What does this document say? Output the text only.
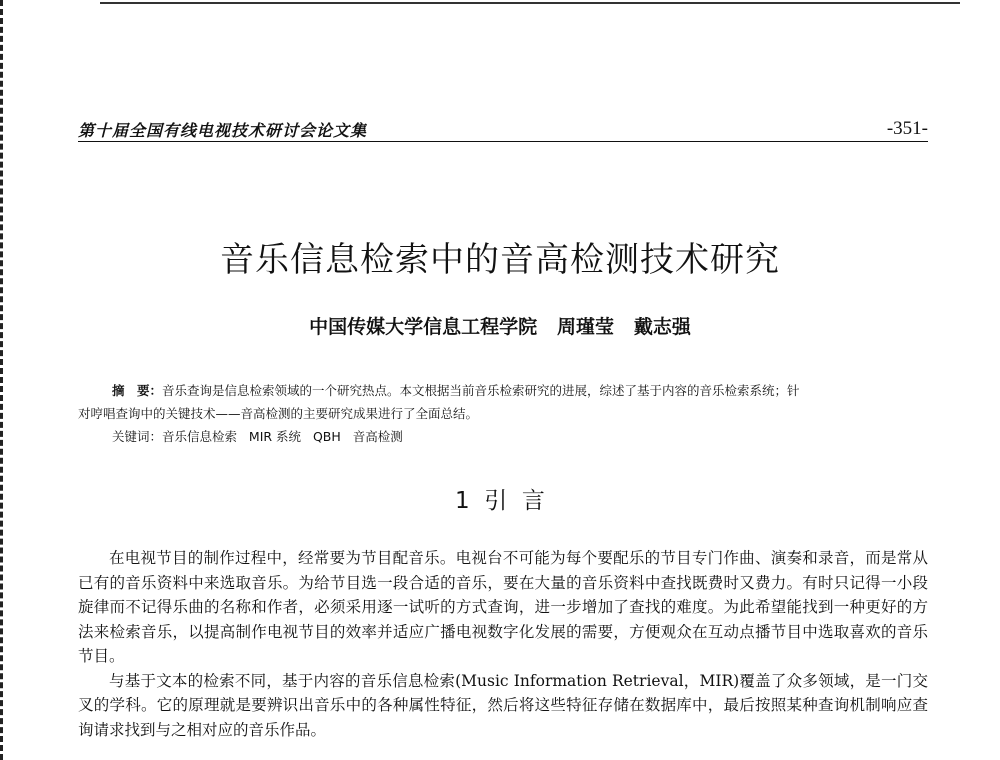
第十届全国有线电视技术研讨会论文集	-351-
音乐信息检索中的音高检测技术研究
中国传媒大学信息工程学院   周瑾莹   戴志强
摘　要：音乐查询是信息检索领域的一个研究热点。本文根据当前音乐检索研究的进展，综述了基于内容的音乐检索系统；针
对哼唱查询中的关键技术——音高检测的主要研究成果进行了全面总结。
关键词：音乐信息检索   MIR 系统   QBH   音高检测
1  引  言

在电视节目的制作过程中，经常要为节目配音乐。电视台不可能为每个要配乐的节目专门作曲、演奏和录音，而是常从已有的音乐资料中来选取音乐。为给节目选一段合适的音乐，要在大量的音乐资料中查找既费时又费力。有时只记得一小段旋律而不记得乐曲的名称和作者，必须采用逐一试听的方式查询，进一步增加了查找的难度。为此希望能找到一种更好的方法来检索音乐，以提高制作电视节目的效率并适应广播电视数字化发展的需要，方便观众在互动点播节目中选取喜欢的音乐节目。

与基于文本的检索不同，基于内容的音乐信息检索(Music Information Retrieval，MIR)覆盖了众多领域，是一门交叉的学科。它的原理就是要辨识出音乐中的各种属性特征，然后将这些特征存储在数据库中，最后按照某种查询机制响应查询请求找到与之相对应的音乐作品。
